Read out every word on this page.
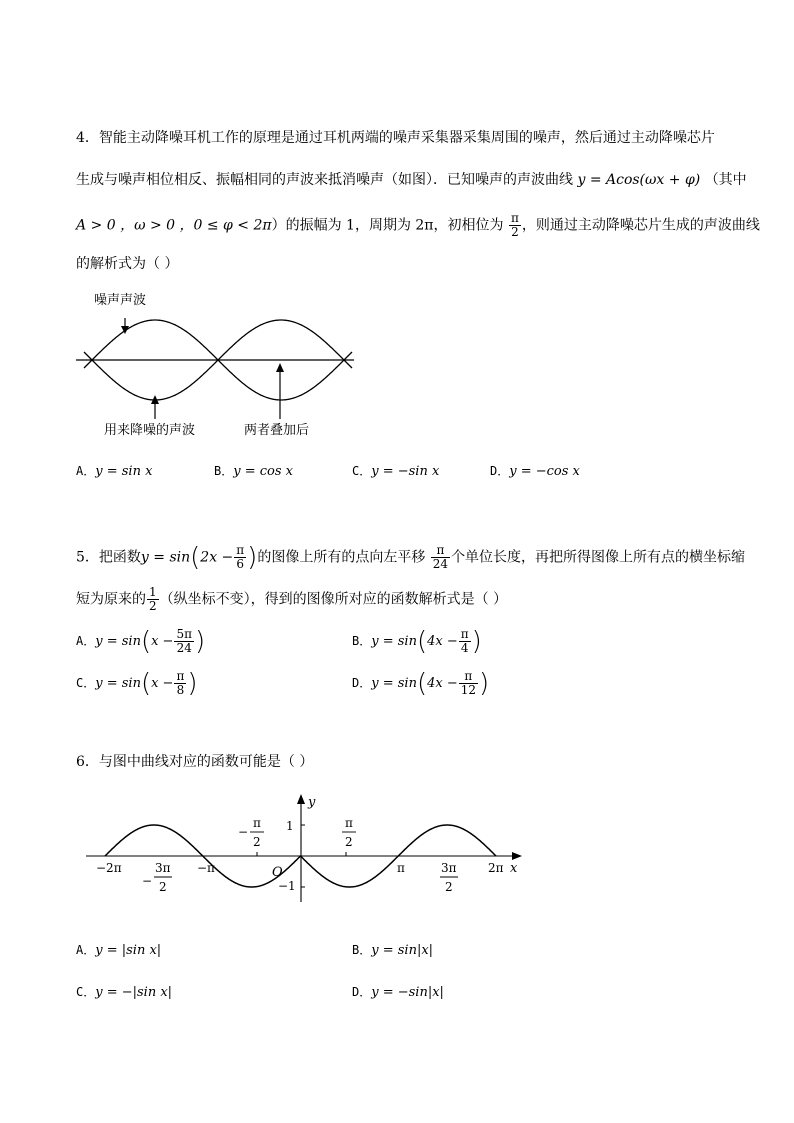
4．智能主动降噪耳机工作的原理是通过耳机两端的噪声采集器采集周围的噪声，然后通过主动降噪芯片
生成与噪声相位相反、振幅相同的声波来抵消噪声（如图）．已知噪声的声波曲线 y = Acos(ωx + φ) （其中
A > 0 ，ω > 0 ，0 ≤ φ < 2π）的振幅为 1，周期为 2π，初相位为 $\frac{\pi}{2}$ ，则通过主动降噪芯片生成的声波曲线
的解析式为（ ）
噪声声波
用来降噪的声波	两者叠加后
A．y = sin x	B．y = cos x	C．y = −sin x	D．y = −cos x
5．把函数$y = \sin(2x - \frac{\pi}{6}$ )的图像上所有的点向左平移 $\frac{\pi}{24}$ 个单位长度，再把所得图像上所有点的横坐标缩
短为原来的 $\frac{1}{2}$ （纵坐标不变），得到的图像所对应的函数解析式是（ ）
A．$y = \sin(x - \frac{5\pi}{24}$ )	B．$y = \sin(4x - \frac{\pi}{4}$ )
C．$y = \sin(x - \frac{\pi}{8}$ )	D．$y = \sin(4x - \frac{\pi}{12}$ )
6．与图中曲线对应的函数可能是（ ）
y
x
O
−2π	−π	π	2π
1
−1
−
3π
2
3π
2
−
π
2
π
2
A．y = |sin x|	B．y = sin|x|
C．y = −|sin x|	D．y = −sin|x|
